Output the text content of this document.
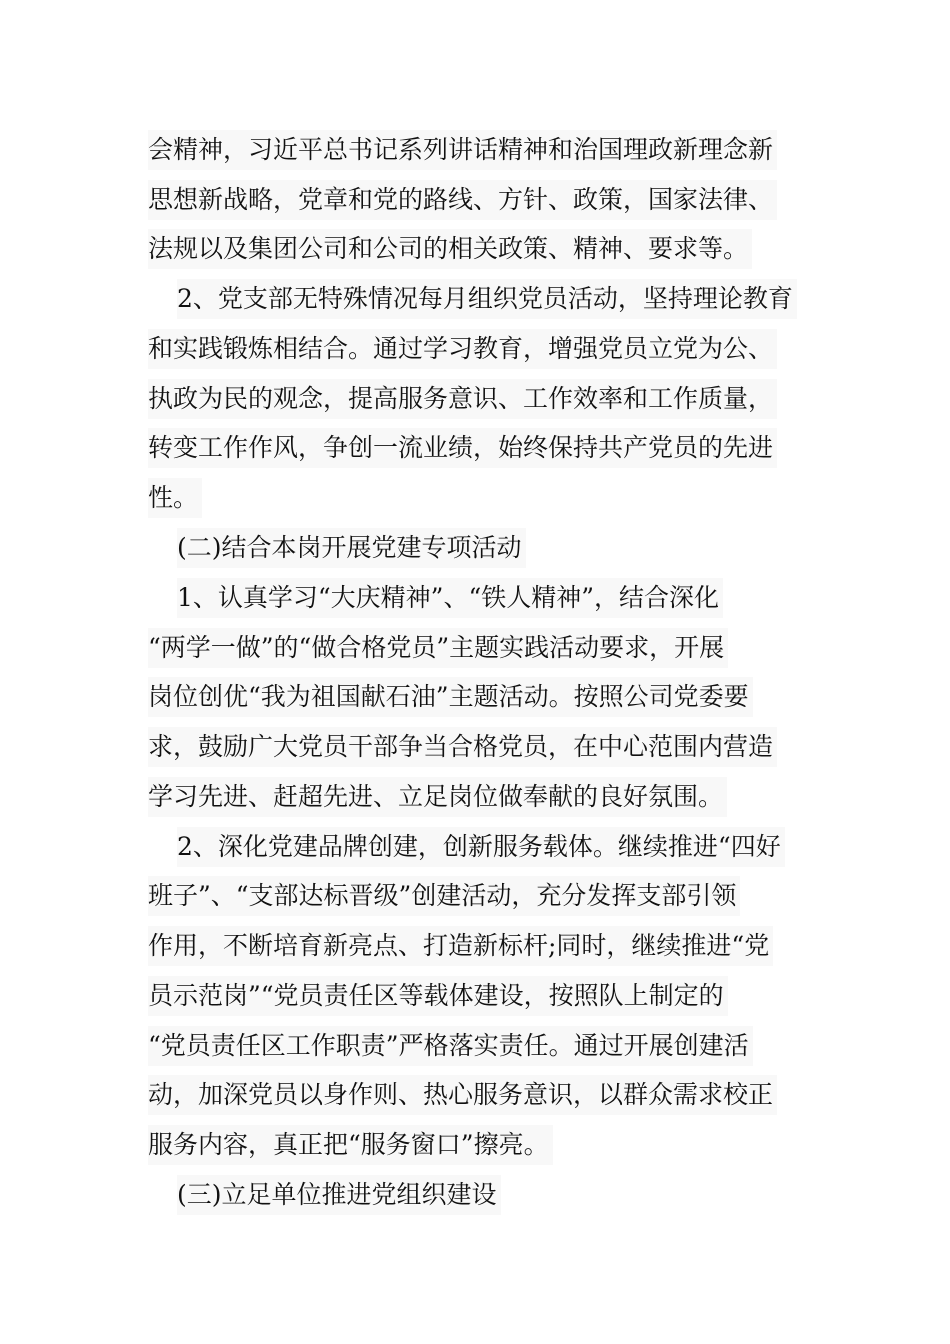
会精神，习近平总书记系列讲话精神和治国理政新理念新
思想新战略，党章和党的路线、方针、政策，国家法律、
法规以及集团公司和公司的相关政策、精神、要求等。
2、党支部无特殊情况每月组织党员活动，坚持理论教育
和实践锻炼相结合。通过学习教育，增强党员立党为公、
执政为民的观念，提高服务意识、工作效率和工作质量，
转变工作作风，争创一流业绩，始终保持共产党员的先进
性。
(二)结合本岗开展党建专项活动
1、认真学习“大庆精神”、“铁人精神”，结合深化
“两学一做”的“做合格党员”主题实践活动要求，开展
岗位创优“我为祖国献石油”主题活动。按照公司党委要
求，鼓励广大党员干部争当合格党员，在中心范围内营造
学习先进、赶超先进、立足岗位做奉献的良好氛围。
2、深化党建品牌创建，创新服务载体。继续推进“四好
班子”、“支部达标晋级”创建活动，充分发挥支部引领
作用，不断培育新亮点、打造新标杆;同时，继续推进“党
员示范岗”“党员责任区等载体建设，按照队上制定的
“党员责任区工作职责”严格落实责任。通过开展创建活
动，加深党员以身作则、热心服务意识，以群众需求校正
服务内容，真正把“服务窗口”擦亮。
(三)立足单位推进党组织建设
